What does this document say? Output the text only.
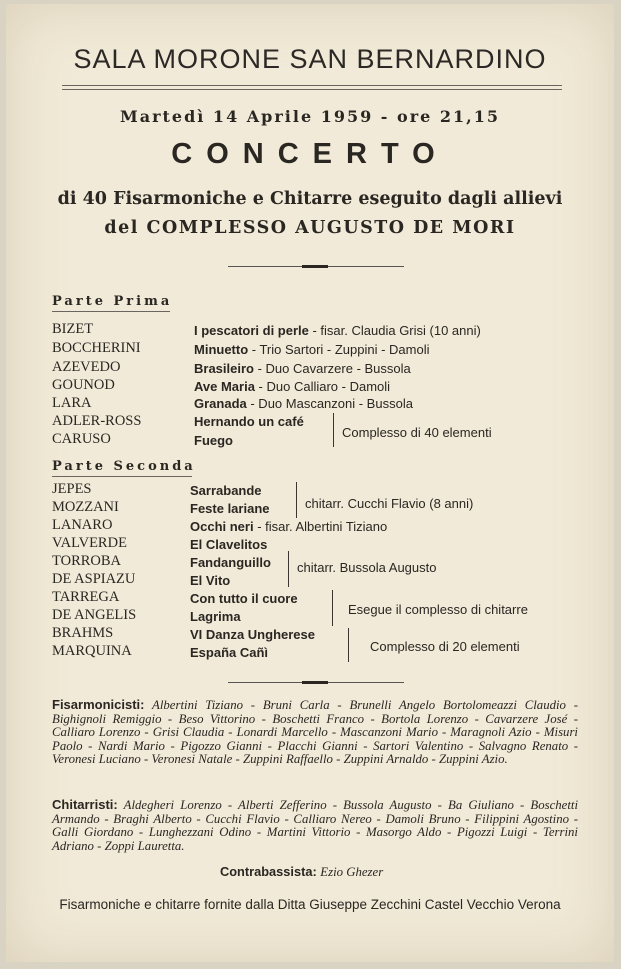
SALA MORONE SAN BERNARDINO
Martedì 14 Aprile 1959 - ore 21,15
CONCERTO
di 40 Fisarmoniche e Chitarre eseguito dagli allievi
del COMPLESSO AUGUSTO DE MORI
Parte Prima
BIZET
BOCCHERINI
AZEVEDO
GOUNOD
LARA
ADLER-ROSS
CARUSO
I pescatori di perle - fisar. Claudia Grisi (10 anni)
Minuetto - Trio Sartori - Zuppini - Damoli
Brasileiro - Duo Cavarzere - Bussola
Ave Maria - Duo Calliaro - Damoli
Granada - Duo Mascanzoni - Bussola
Hernando un café
Fuego
Complesso di 40 elementi
Parte Seconda
JEPES
MOZZANI
LANARO
VALVERDE
TORROBA
DE ASPIAZU
TARREGA
DE ANGELIS
BRAHMS
MARQUINA
Sarrabande
Feste lariane
Occhi neri - fisar. Albertini Tiziano
El Clavelitos
Fandanguillo
El Vito
Con tutto il cuore
Lagrima
VI Danza Ungherese
España Cañì
chitarr. Cucchi Flavio (8 anni)
chitarr. Bussola Augusto
Esegue il complesso di chitarre
Complesso di 20 elementi
Fisarmonicisti: Albertini Tiziano - Bruni Carla - Brunelli Angelo Bortolomeazzi Claudio - Bighignoli Remiggio - Beso Vittorino - Boschetti Franco - Bortola Lorenzo - Cavarzere José - Calliaro Lorenzo - Grisi Claudia - Lonardi Marcello - Mascanzoni Mario - Maragnoli Azio - Misuri Paolo - Nardi Mario - Pigozzo Gianni - Placchi Gianni - Sartori Valentino - Salvagno Renato - Veronesi Luciano - Veronesi Natale - Zuppini Raffaello - Zuppini Arnaldo - Zuppini Azio.
Chitarristi: Aldegheri Lorenzo - Alberti Zefferino - Bussola Augusto - Ba Giuliano - Boschetti Armando - Braghi Alberto - Cucchi Flavio - Calliaro Nereo - Damoli Bruno - Filippini Agostino - Galli Giordano - Lunghezzani Odino - Martini Vittorio - Masorgo Aldo - Pigozzi Luigi - Terrini Adriano - Zoppi Lauretta.
Contrabassista: Ezio Ghezer
Fisarmoniche e chitarre fornite dalla Ditta Giuseppe Zecchini Castel Vecchio Verona
